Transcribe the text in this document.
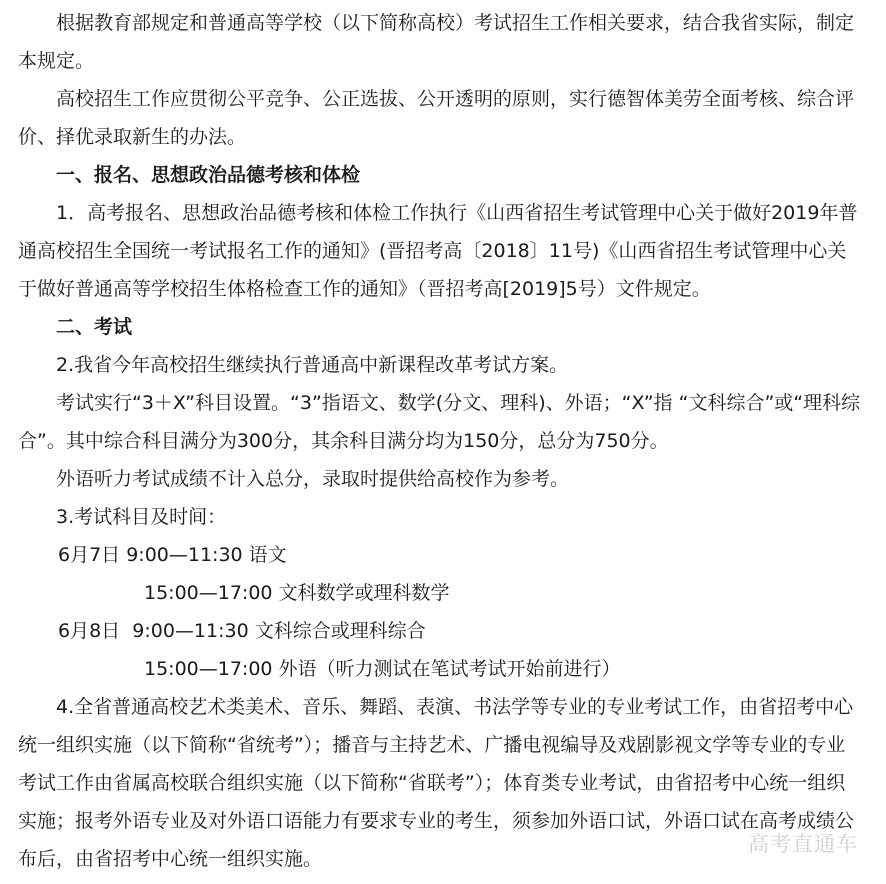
根据教育部规定和普通高等学校（以下简称高校）考试招生工作相关要求，结合我省实际，制定本规定。

高校招生工作应贯彻公平竞争、公正选拔、公开透明的原则，实行德智体美劳全面考核、综合评价、择优录取新生的办法。

一、报名、思想政治品德考核和体检

1．高考报名、思想政治品德考核和体检工作执行《山西省招生考试管理中心关于做好2019年普通高校招生全国统一考试报名工作的通知》(晋招考高〔2018〕11号)《山西省招生考试管理中心关于做好普通高等学校招生体格检查工作的通知》（晋招考高[2019]5号）文件规定。

二、考试

2.我省今年高校招生继续执行普通高中新课程改革考试方案。

考试实行“3＋X”科目设置。“3”指语文、数学(分文、理科)、外语；“X”指 “文科综合”或“理科综合”。其中综合科目满分为300分，其余科目满分均为150分，总分为750分。

外语听力考试成绩不计入总分，录取时提供给高校作为参考。

3.考试科目及时间：

6月7日 9:00—11:30 语文

15:00—17:00 文科数学或理科数学

6月8日  9:00—11:30 文科综合或理科综合

15:00—17:00 外语（听力测试在笔试考试开始前进行）

4.全省普通高校艺术类美术、音乐、舞蹈、表演、书法学等专业的专业考试工作，由省招考中心统一组织实施（以下简称“省统考”）；播音与主持艺术、广播电视编导及戏剧影视文学等专业的专业考试工作由省属高校联合组织实施（以下简称“省联考”）；体育类专业考试，由省招考中心统一组织实施；报考外语专业及对外语口语能力有要求专业的考生，须参加外语口试，外语口试在高考成绩公布后，由省招考中心统一组织实施。

高考直通车
